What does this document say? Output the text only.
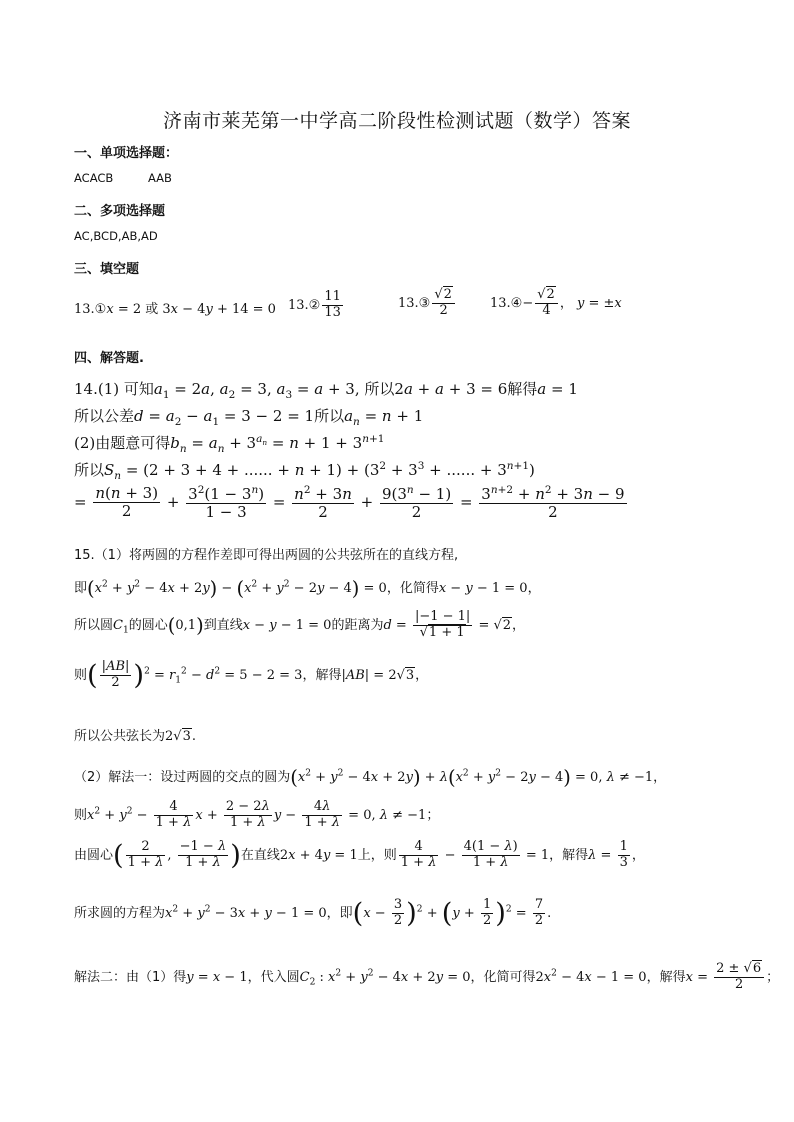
济南市莱芜第一中学高二阶段性检测试题（数学）答案
一、单项选择题：
ACACB	AAB
二、多项选择题
AC,BCD,AB,AD
三、填空题
13.①x = 2 或 3x − 4y + 14 = 0 13.② $\frac{11}{13}$	13.③ $\frac{√2}{2}$	13.④− $\frac{√2}{4}$ ， y = ±x
四、解答题.
14.(1) 可知$a_1 = 2a$, $a_2 = 3$, $a_3 = a + 3$, 所以2a + a + 3 = 6解得a = 1
所以公差$d = a_2 - a_1 = 3 - 2 = 1$所以$a_n = n + 1$
(2)由题意可得$b_n = a_n + 3^{a_n} = n + 1 + 3^{n+1}$
所以$S_n = (2 + 3 + 4$ + ...... + $n + 1) + (3^2 + 3^3$ + ...... + $3^{n+1}$)
= $\frac{n(n + 3)}{2} + \frac{3^2(1 - 3^n)}{1 - 3} = \frac{n^2 + 3n}{2} + \frac{9(3^n - 1)}{2} = \frac{3^{n+2} + n^2 + 3n - 9}{2}$
15.（1）将两圆的方程作差即可得出两圆的公共弦所在的直线方程,
即$(x^2 + y^2 - 4x + 2y) - (x^2 + y^2 - 2y - 4) = 0$，化简得x − y − 1 = 0，
所以圆$C_1$的圆心(0,1)到直线x − y − 1 = 0的距离为$d = \frac{|-1 - 1|}{√1 + 1} = √2$，
则( $\frac{|AB|}{2} )^2 = r_1^2 - d^2 = 5 - 2 = 3$，解得|AB| = 2√3，
所以公共弦长为2√3.
（2）解法一：设过两圆的交点的圆为$(x^2 + y^2 - 4x + 2y) + \lambda(x^2 + y^2 - 2y - 4) = 0$, λ ≠ −1，
则$x^2 + y^2 - \frac{4}{1 + \lambda}$ $x + \frac{2 - 2\lambda}{1 + \lambda}$ $y - \frac{4\lambda}{1 + \lambda} = 0$, λ ≠ −1；
由圆心( $\frac{2}{1 + \lambda}$ , $\frac{-1 - \lambda}{1 + \lambda}$ )在直线2x + 4y = 1上，则 $\frac{4}{1 + \lambda} - \frac{4(1 - \lambda)}{1 + \lambda} = 1$，解得$\lambda = \frac{1}{3}$ ，
所求圆的方程为$x^2 + y^2 - 3x + y - 1 = 0$，即$(x - \frac{3}{2} )^2 + (y + \frac{1}{2} )^2 = \frac{7}{2}$ .
解法二：由（1）得y = x − 1，代入圆$C_2$ : $x^2 + y^2 - 4x + 2y = 0$，化简可得$2x^2 - 4x - 1 = 0$，解得$x = \frac{2 \pm √6}{2}$ ；
